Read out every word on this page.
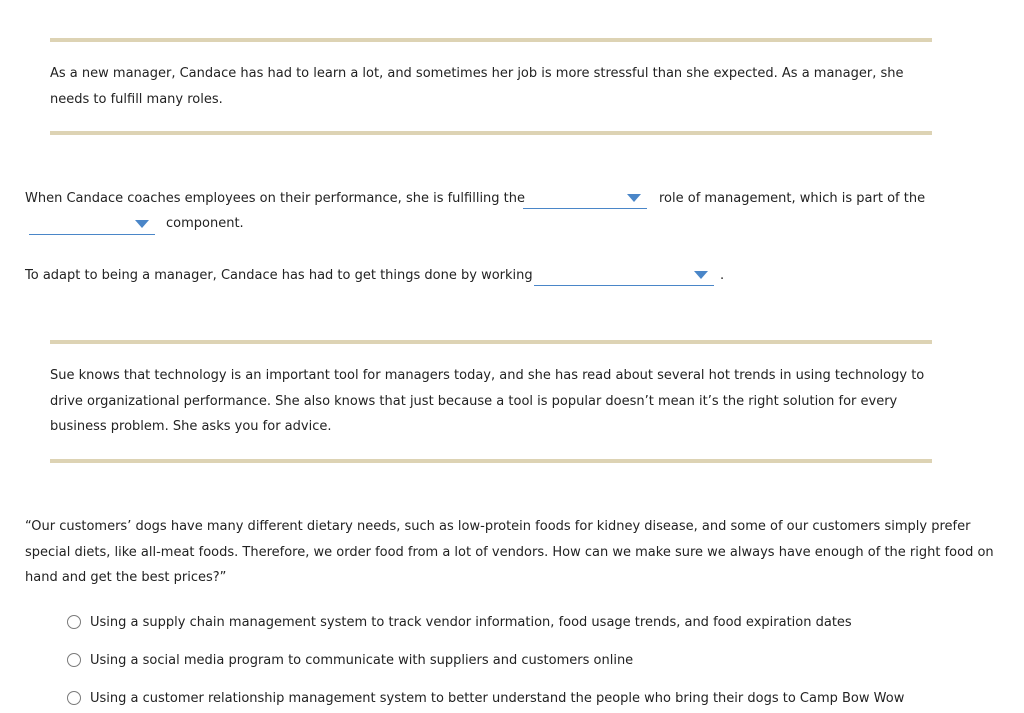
As a new manager, Candace has had to learn a lot, and sometimes her job is more stressful than she expected. As a manager, she needs to fulfill many roles.

When Candace coaches employees on their performance, she is fulfilling the	role of management, which is part of the
component.
To adapt to being a manager, Candace has had to get things done by working	.

Sue knows that technology is an important tool for managers today, and she has read about several hot trends in using technology to drive organizational performance. She also knows that just because a tool is popular doesn’t mean it’s the right solution for every business problem. She asks you for advice.

“Our customers’ dogs have many different dietary needs, such as low-protein foods for kidney disease, and some of our customers simply prefer special diets, like all-meat foods. Therefore, we order food from a lot of vendors. How can we make sure we always have enough of the right food on hand and get the best prices?”

Using a supply chain management system to track vendor information, food usage trends, and food expiration dates
Using a social media program to communicate with suppliers and customers online
Using a customer relationship management system to better understand the people who bring their dogs to Camp Bow Wow
